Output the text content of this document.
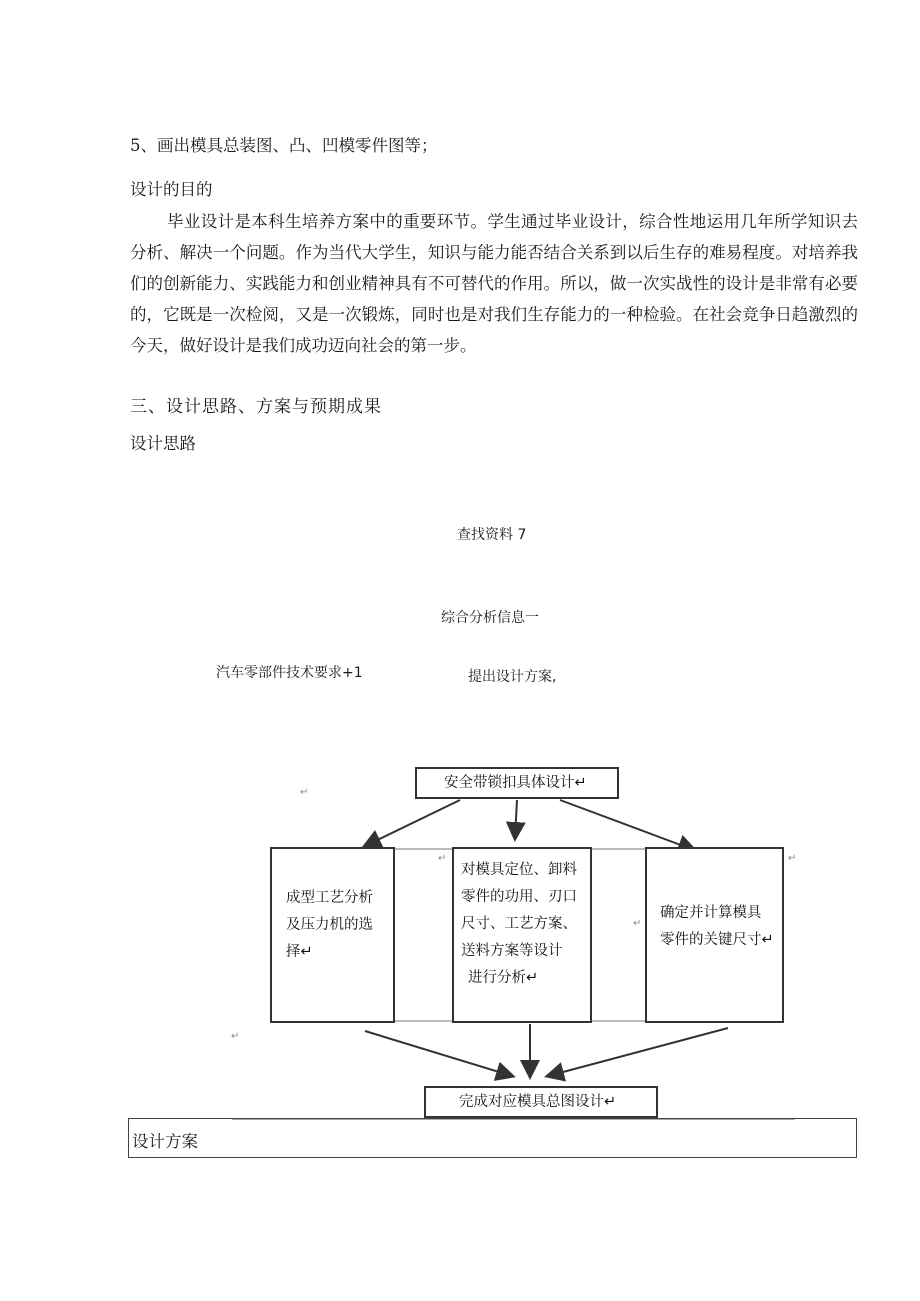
5、画出模具总装图、凸、凹模零件图等；
设计的目的
毕业设计是本科生培养方案中的重要环节。学生通过毕业设计，综合性地运用几年所学知识去分析、解决一个问题。作为当代大学生，知识与能力能否结合关系到以后生存的难易程度。对培养我们的创新能力、实践能力和创业精神具有不可替代的作用。所以，做一次实战性的设计是非常有必要的，它既是一次检阅，又是一次锻炼，同时也是对我们生存能力的一种检验。在社会竞争日趋激烈的今天，做好设计是我们成功迈向社会的第一步。
三、设计思路、方案与预期成果
设计思路
查找资料 7
综合分析信息一
汽车零部件技术要求+1	提出设计方案,
安全带锁扣具体设计↵
成型工艺分析
及压力机的选
择↵
对模具定位、卸料
零件的功用、刃口
尺寸、工艺方案、
送料方案等设计
进行分析↵
确定并计算模具
零件的关键尺寸↵
完成对应模具总图设计↵
↵
↵
↵
↵
↵
设计方案
